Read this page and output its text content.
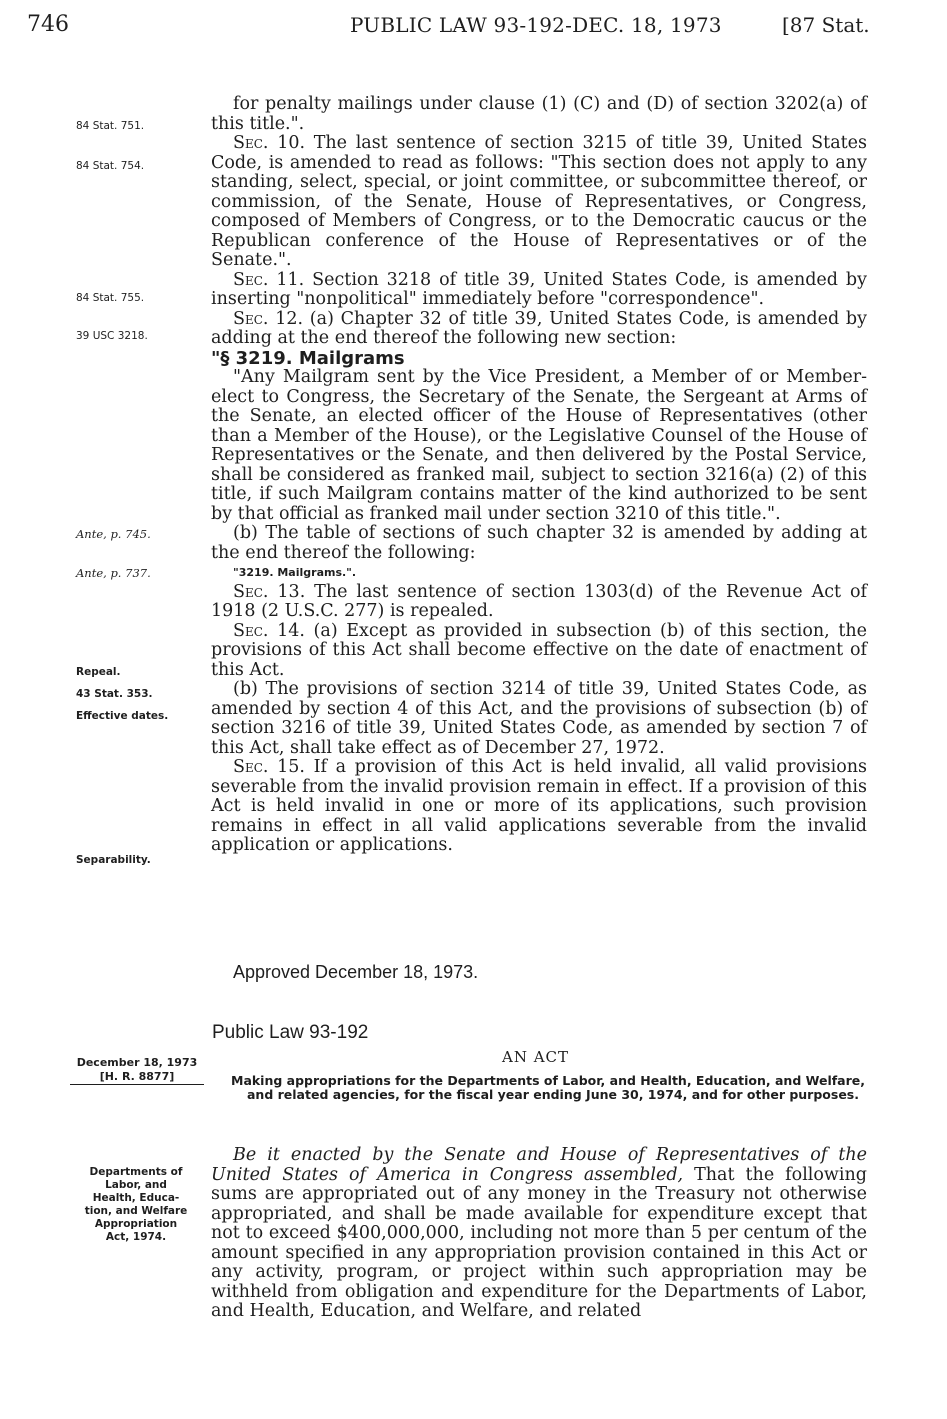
746	PUBLIC LAW 93-192-DEC. 18, 1973	[87 Stat.
84 Stat. 751.
84 Stat. 754.
84 Stat. 755.
39 USC 3218.
Ante, p. 745.
Ante, p. 737.
Repeal.
43 Stat. 353.
Effective dates.
Separability.
December 18, 1973

[H. R. 8877]
Departments of
Labor, and
Health, Educa-
tion, and Welfare
Appropriation
Act, 1974.

for penalty mailings under clause (1) (C) and (D) of section 3202(a) of this title.".

Sec. 10. The last sentence of section 3215 of title 39, United States Code, is amended to read as follows: "This section does not apply to any standing, select, special, or joint committee, or subcommittee thereof, or commission, of the Senate, House of Representatives, or Congress, composed of Members of Congress, or to the Democratic caucus or the Republican conference of the House of Representatives or of the Senate.".

Sec. 11. Section 3218 of title 39, United States Code, is amended by inserting "nonpolitical" immediately before "correspondence".

Sec. 12. (a) Chapter 32 of title 39, United States Code, is amended by adding at the end thereof the following new section:

"§ 3219. Mailgrams

"Any Mailgram sent by the Vice President, a Member of or Member-elect to Congress, the Secretary of the Senate, the Sergeant at Arms of the Senate, an elected officer of the House of Representatives (other than a Member of the House), or the Legislative Counsel of the House of Representatives or the Senate, and then delivered by the Postal Service, shall be considered as franked mail, subject to section 3216(a) (2) of this title, if such Mailgram contains matter of the kind authorized to be sent by that official as franked mail under section 3210 of this title.".

(b) The table of sections of such chapter 32 is amended by adding at the end thereof the following:

"3219. Mailgrams.".

Sec. 13. The last sentence of section 1303(d) of the Revenue Act of 1918 (2 U.S.C. 277) is repealed.

Sec. 14. (a) Except as provided in subsection (b) of this section, the provisions of this Act shall become effective on the date of enactment of this Act.

(b) The provisions of section 3214 of title 39, United States Code, as amended by section 4 of this Act, and the provisions of subsection (b) of section 3216 of title 39, United States Code, as amended by section 7 of this Act, shall take effect as of December 27, 1972.

Sec. 15. If a provision of this Act is held invalid, all valid provisions severable from the invalid provision remain in effect. If a provision of this Act is held invalid in one or more of its applications, such provision remains in effect in all valid applications severable from the invalid application or applications.

Approved December 18, 1973.
Public Law 93-192
AN ACT

Making appropriations for the Departments of Labor, and Health, Education, and Welfare, and related agencies, for the fiscal year ending June 30, 1974, and for other purposes.

Be it enacted by the Senate and House of Representatives of the United States of America in Congress assembled, That the following sums are appropriated out of any money in the Treasury not otherwise appropriated, and shall be made available for expenditure except that not to exceed $400,000,000, including not more than 5 per centum of the amount specified in any appropriation provision contained in this Act or any activity, program, or project within such appropriation may be withheld from obligation and expenditure for the Departments of Labor, and Health, Education, and Welfare, and related
